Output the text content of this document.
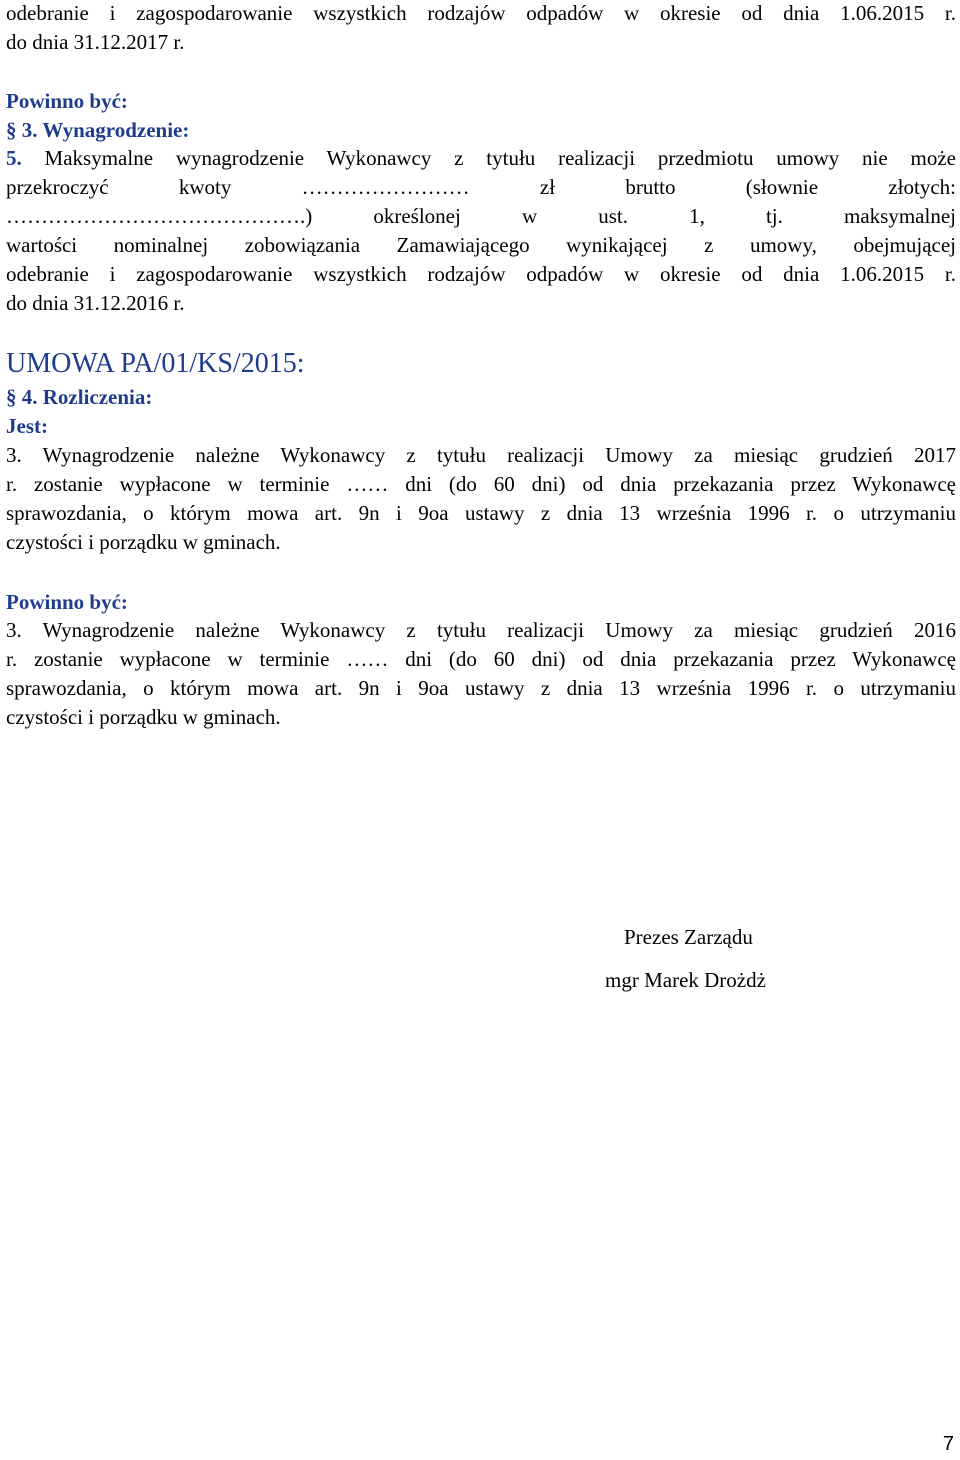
odebranie i zagospodarowanie wszystkich rodzajów odpadów w okresie od dnia 1.06.2015 r.
do dnia 31.12.2017 r.
Powinno być:
§ 3. Wynagrodzenie:
5. Maksymalne wynagrodzenie Wykonawcy z tytułu realizacji przedmiotu umowy nie może
przekroczyć kwoty …………………… zł brutto (słownie złotych:
…………………………………….) określonej w ust. 1, tj. maksymalnej
wartości nominalnej zobowiązania Zamawiającego wynikającej z umowy, obejmującej
odebranie i zagospodarowanie wszystkich rodzajów odpadów w okresie od dnia 1.06.2015 r.
do dnia 31.12.2016 r.
UMOWA PA/01/KS/2015:
§ 4. Rozliczenia:
Jest:
3. Wynagrodzenie należne Wykonawcy z tytułu realizacji Umowy za miesiąc grudzień 2017
r. zostanie wypłacone w terminie …… dni (do 60 dni) od dnia przekazania przez Wykonawcę
sprawozdania, o którym mowa art. 9n i 9oa ustawy z dnia 13 września 1996 r. o utrzymaniu
czystości i porządku w gminach.
Powinno być:
3. Wynagrodzenie należne Wykonawcy z tytułu realizacji Umowy za miesiąc grudzień 2016
r. zostanie wypłacone w terminie …… dni (do 60 dni) od dnia przekazania przez Wykonawcę
sprawozdania, o którym mowa art. 9n i 9oa ustawy z dnia 13 września 1996 r. o utrzymaniu
czystości i porządku w gminach.
Prezes Zarządu
mgr Marek Drożdż
7
